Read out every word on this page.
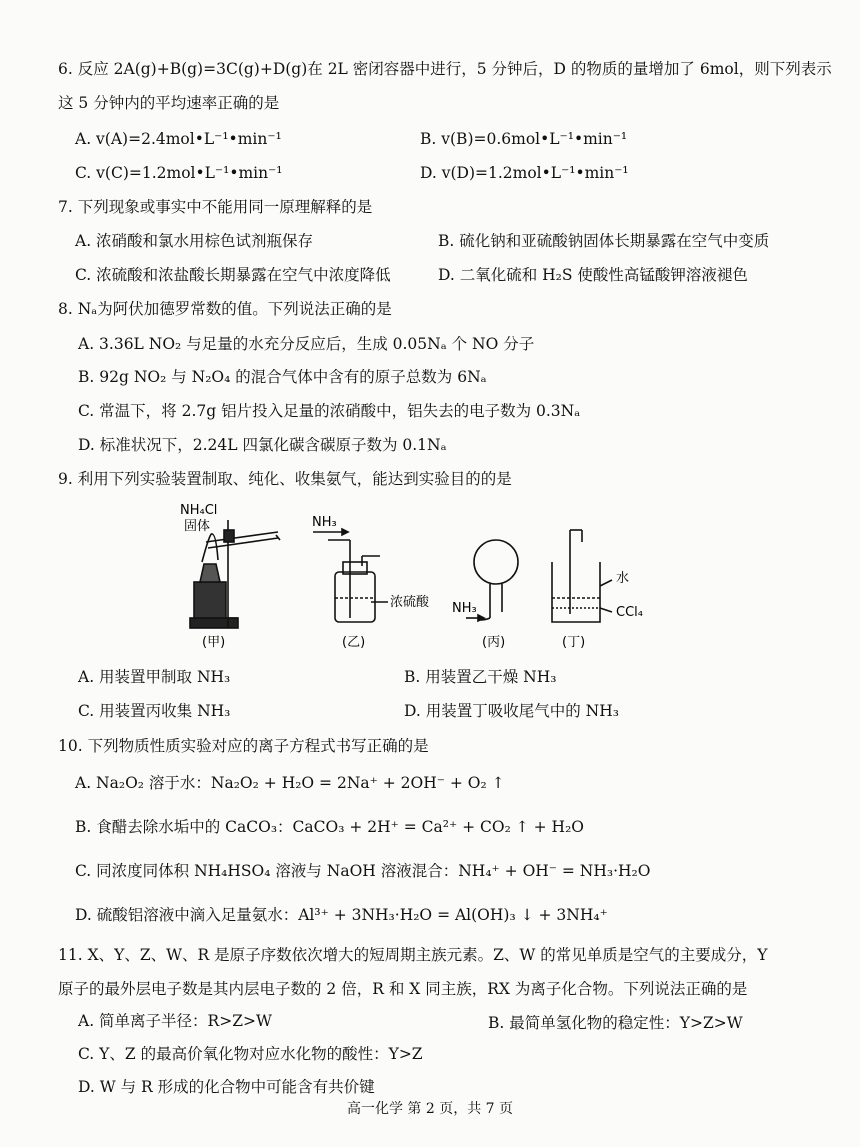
6. 反应 2A(g)+B(g)=3C(g)+D(g)在 2L 密闭容器中进行，5 分钟后，D 的物质的量增加了 6mol，则下列表示
这 5 分钟内的平均速率正确的是
A. v(A)=2.4mol•L⁻¹•min⁻¹	B. v(B)=0.6mol•L⁻¹•min⁻¹
C. v(C)=1.2mol•L⁻¹•min⁻¹	D. v(D)=1.2mol•L⁻¹•min⁻¹
7. 下列现象或事实中不能用同一原理解释的是
A. 浓硝酸和氯水用棕色试剂瓶保存	B. 硫化钠和亚硫酸钠固体长期暴露在空气中变质
C. 浓硫酸和浓盐酸长期暴露在空气中浓度降低	D. 二氧化硫和 H₂S 使酸性高锰酸钾溶液褪色
8. Nₐ为阿伏加德罗常数的值。下列说法正确的是
A. 3.36L NO₂ 与足量的水充分反应后，生成 0.05Nₐ 个 NO 分子
B. 92g NO₂ 与 N₂O₄ 的混合气体中含有的原子总数为 6Nₐ
C. 常温下，将 2.7g 铝片投入足量的浓硝酸中，铝失去的电子数为 0.3Nₐ
D. 标准状况下，2.24L 四氯化碳含碳原子数为 0.1Nₐ
9. 利用下列实验装置制取、纯化、收集氨气，能达到实验目的的是
NH₄Cl
固体	NH₃
浓硫酸 NH₃
水
CCl₄
(甲)	(乙)	(丙)	(丁)
A. 用装置甲制取 NH₃	B. 用装置乙干燥 NH₃
C. 用装置丙收集 NH₃	D. 用装置丁吸收尾气中的 NH₃
10. 下列物质性质实验对应的离子方程式书写正确的是
A. Na₂O₂ 溶于水：Na₂O₂ + H₂O = 2Na⁺ + 2OH⁻ + O₂ ↑
B. 食醋去除水垢中的 CaCO₃：CaCO₃ + 2H⁺ = Ca²⁺ + CO₂ ↑ + H₂O
C. 同浓度同体积 NH₄HSO₄ 溶液与 NaOH 溶液混合：NH₄⁺ + OH⁻ = NH₃·H₂O
D. 硫酸铝溶液中滴入足量氨水：Al³⁺ + 3NH₃·H₂O = Al(OH)₃ ↓ + 3NH₄⁺
11. X、Y、Z、W、R 是原子序数依次增大的短周期主族元素。Z、W 的常见单质是空气的主要成分，Y
原子的最外层电子数是其内层电子数的 2 倍，R 和 X 同主族，RX 为离子化合物。下列说法正确的是
A. 简单离子半径：R>Z>W	B. 最简单氢化物的稳定性：Y>Z>W
C. Y、Z 的最高价氧化物对应水化物的酸性：Y>Z
D. W 与 R 形成的化合物中可能含有共价键
高一化学 第 2 页，共 7 页
